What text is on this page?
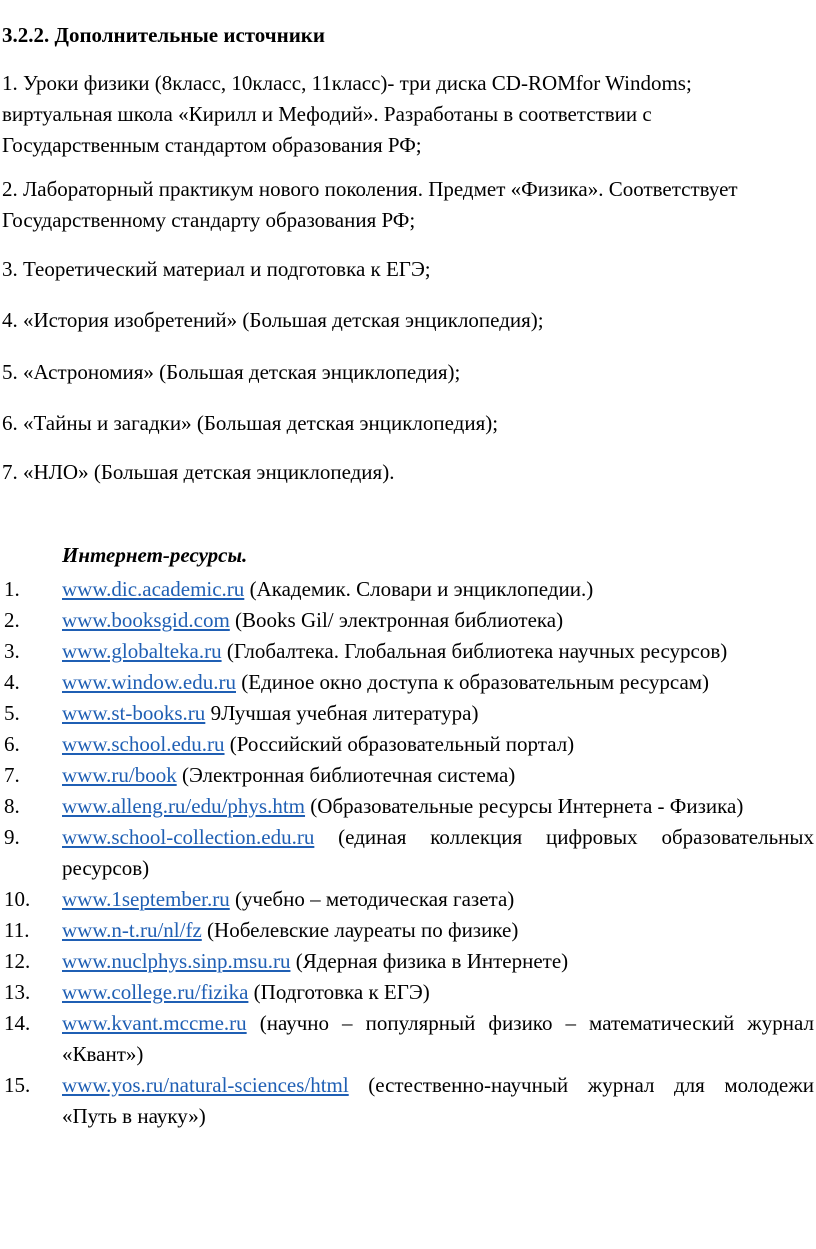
3.2.2. Дополнительные источники

1. Уроки физики (8класс, 10класс, 11класс)- три диска CD-ROMfor Windoms; виртуальная школа «Кирилл и Мефодий». Разработаны в соответствии с Государственным стандартом образования РФ;

2. Лабораторный практикум нового поколения. Предмет «Физика». Соответствует Государственному стандарту образования РФ;

3. Теоретический материал и подготовка к ЕГЭ;

4. «История изобретений» (Большая детская энциклопедия);

5. «Астрономия» (Большая детская энциклопедия);

6. «Тайны и загадки» (Большая детская энциклопедия);

7. «НЛО» (Большая детская энциклопедия).

Интернет-ресурсы.
1.	www.dic.academic.ru (Академик. Словари и энциклопедии.)
2.	www.booksgid.com (Books Gil/ электронная библиотека)
3.	www.globalteka.ru (Глобалтека. Глобальная библиотека научных ресурсов)
4.	www.window.edu.ru (Единое окно доступа к образовательным ресурсам)
5.	www.st-books.ru 9Лучшая учебная литература)
6.	www.school.edu.ru (Российский образовательный портал)
7.	www.ru/book (Электронная библиотечная система)
8.	www.alleng.ru/edu/phys.htm (Образовательные ресурсы Интернета - Физика)
9.	www.school-collection.edu.ru (единая коллекция цифровых образовательных ресурсов)
10.	www.1september.ru (учебно – методическая газета)
11.	www.n-t.ru/nl/fz (Нобелевские лауреаты по физике)
12.	www.nuclphys.sinp.msu.ru (Ядерная физика в Интернете)
13.	www.college.ru/fizika (Подготовка к ЕГЭ)
14.	www.kvant.mccme.ru (научно – популярный физико – математический журнал «Квант»)
15.	www.yos.ru/natural-sciences/html (естественно-научный журнал для молодежи «Путь в науку»)
